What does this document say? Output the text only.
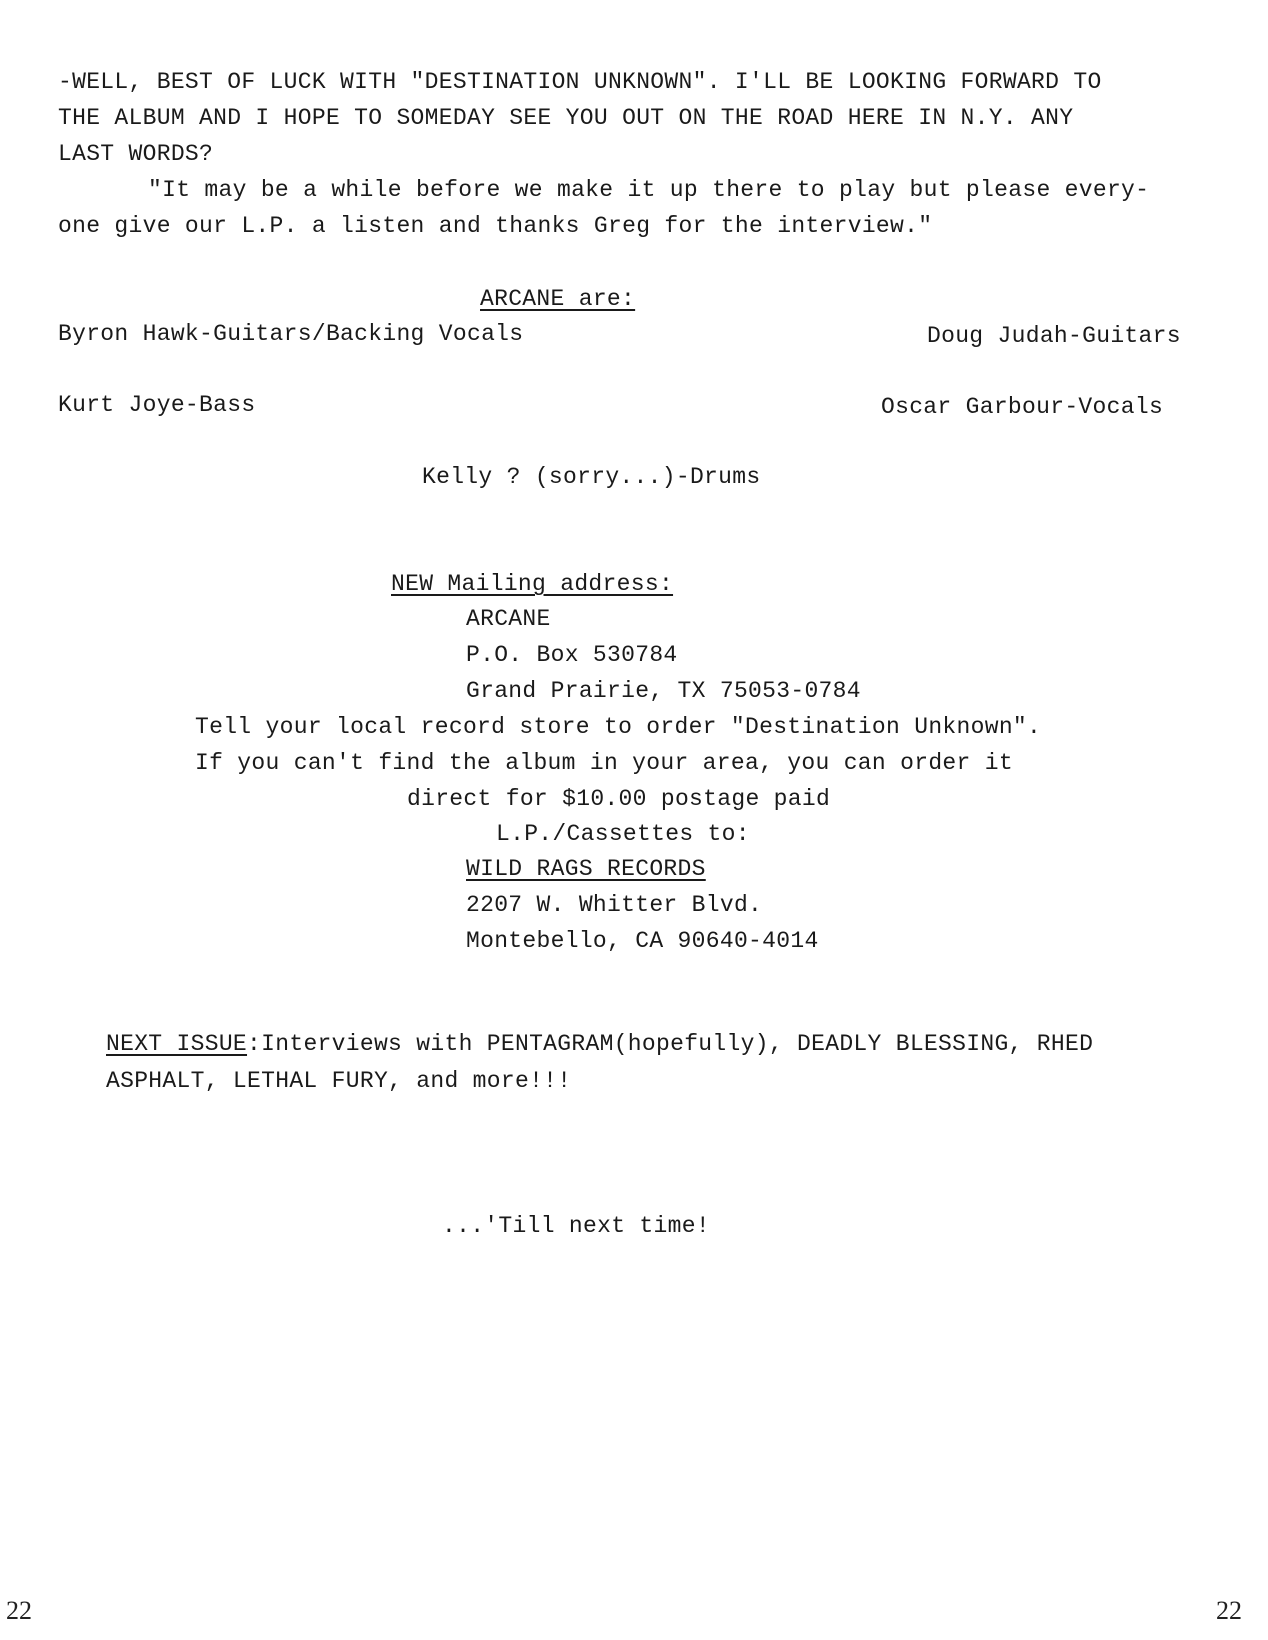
-WELL, BEST OF LUCK WITH "DESTINATION UNKNOWN". I'LL BE LOOKING FORWARD TO
THE ALBUM AND I HOPE TO SOMEDAY SEE YOU OUT ON THE ROAD HERE IN N.Y. ANY
LAST WORDS?
"It may be a while before we make it up there to play but please every-
one give our L.P. a listen and thanks Greg for the interview."
ARCANE are:
Byron Hawk-Guitars/Backing Vocals	Doug Judah-Guitars
Kurt Joye-Bass	Oscar Garbour-Vocals
Kelly ? (sorry...)-Drums
NEW Mailing address:
ARCANE
P.O. Box 530784
Grand Prairie, TX 75053-0784
Tell your local record store to order "Destination Unknown".
If you can't find the album in your area, you can order it
direct for $10.00 postage paid
L.P./Cassettes to:
WILD RAGS RECORDS
2207 W. Whitter Blvd.
Montebello, CA 90640-4014
NEXT ISSUE:Interviews with PENTAGRAM(hopefully), DEADLY BLESSING, RHED
ASPHALT, LETHAL FURY, and more!!!
...'Till next time!
22	22
